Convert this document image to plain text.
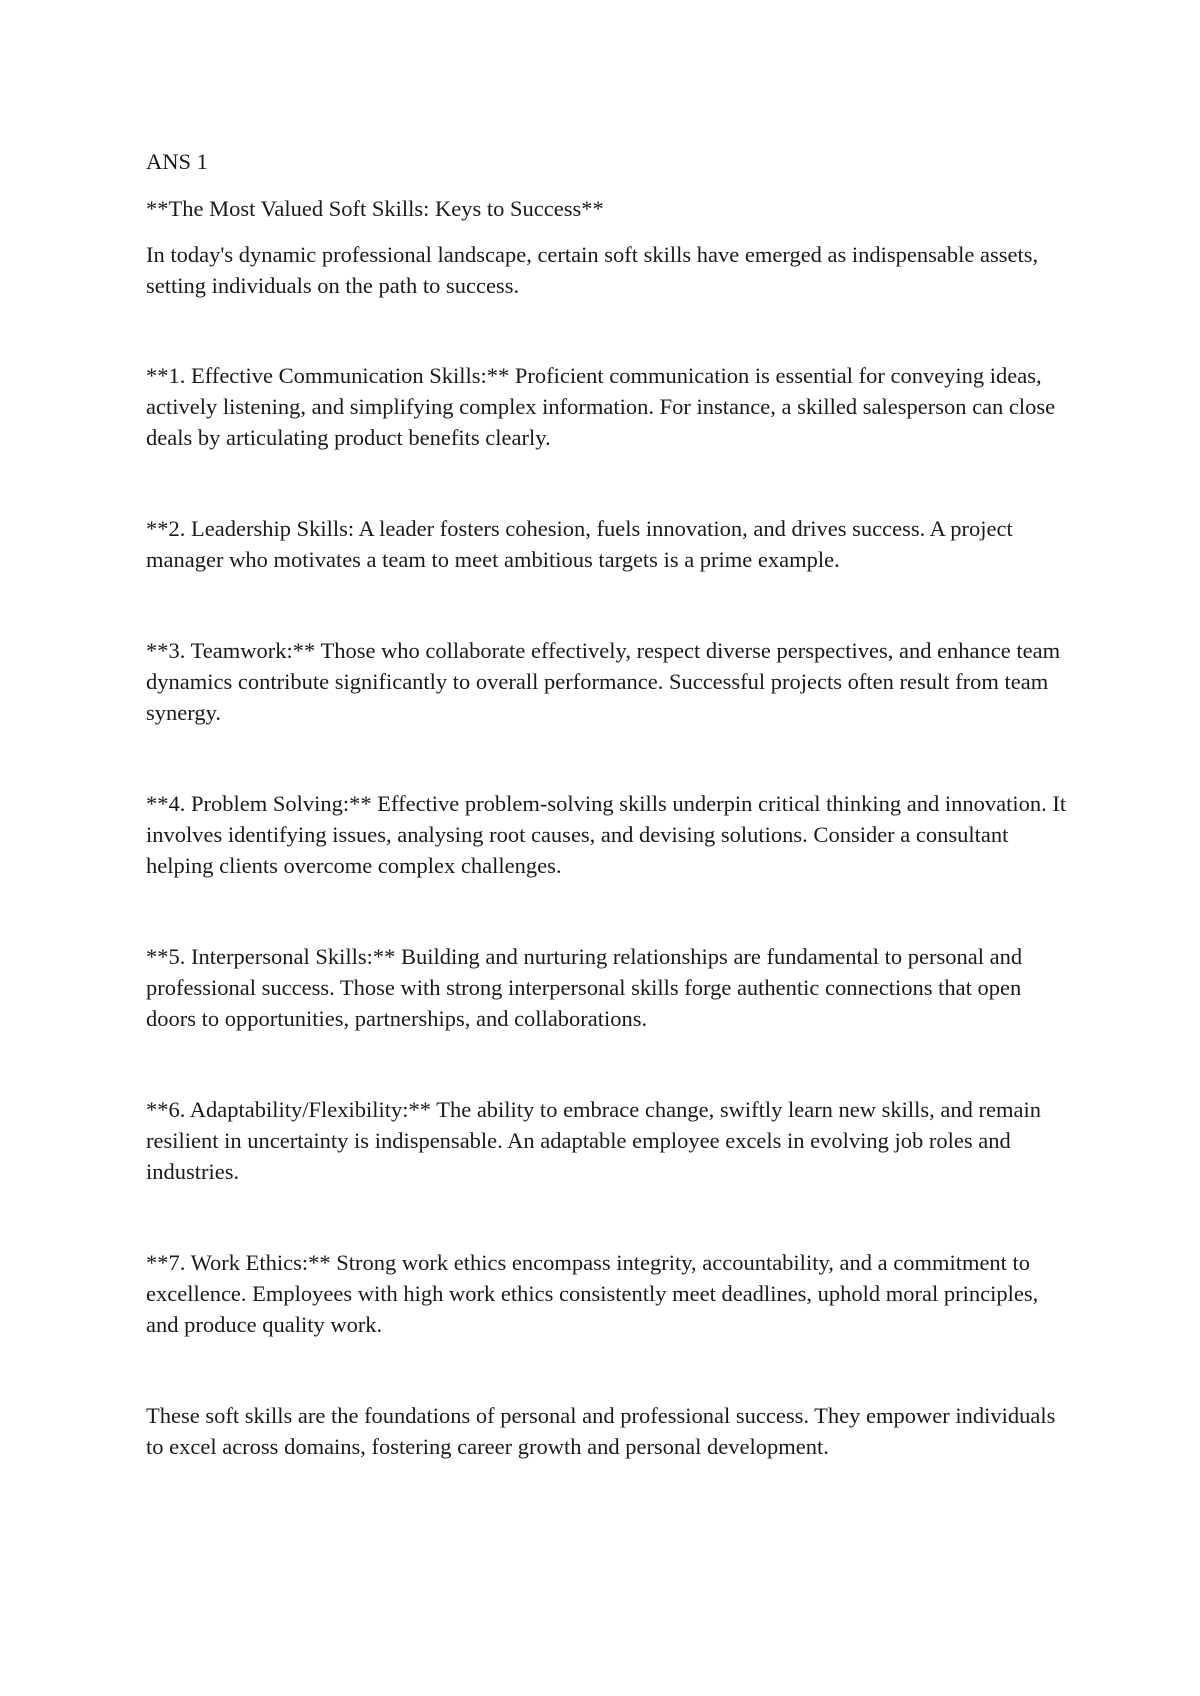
ANS 1

**The Most Valued Soft Skills: Keys to Success**

In today's dynamic professional landscape, certain soft skills have emerged as indispensable assets, setting individuals on the path to success.

**1. Effective Communication Skills:** Proficient communication is essential for conveying ideas, actively listening, and simplifying complex information. For instance, a skilled salesperson can close deals by articulating product benefits clearly.

**2. Leadership Skills: A leader fosters cohesion, fuels innovation, and drives success. A project manager who motivates a team to meet ambitious targets is a prime example.

**3. Teamwork:** Those who collaborate effectively, respect diverse perspectives, and enhance team dynamics contribute significantly to overall performance. Successful projects often result from team synergy.

**4. Problem Solving:** Effective problem-solving skills underpin critical thinking and innovation. It involves identifying issues, analysing root causes, and devising solutions. Consider a consultant helping clients overcome complex challenges.

**5. Interpersonal Skills:** Building and nurturing relationships are fundamental to personal and professional success. Those with strong interpersonal skills forge authentic connections that open doors to opportunities, partnerships, and collaborations.

**6. Adaptability/Flexibility:** The ability to embrace change, swiftly learn new skills, and remain resilient in uncertainty is indispensable. An adaptable employee excels in evolving job roles and industries.

**7. Work Ethics:** Strong work ethics encompass integrity, accountability, and a commitment to excellence. Employees with high work ethics consistently meet deadlines, uphold moral principles, and produce quality work.

These soft skills are the foundations of personal and professional success. They empower individuals to excel across domains, fostering career growth and personal development.
